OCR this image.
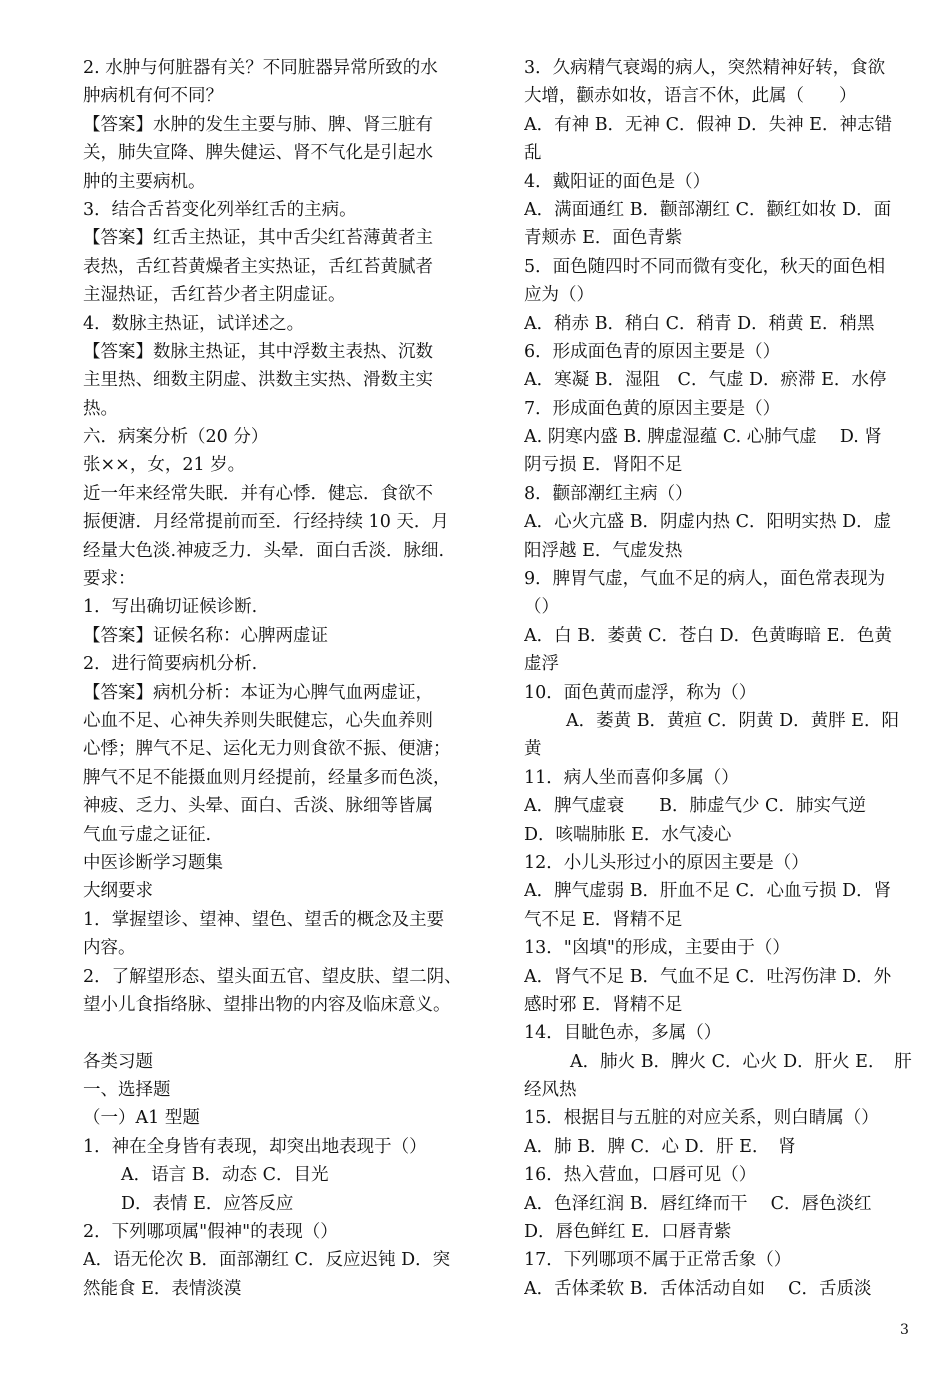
2. 水肿与何脏器有关？不同脏器异常所致的水
肿病机有何不同？
【答案】水肿的发生主要与肺、脾、肾三脏有
关，肺失宣降、脾失健运、肾不气化是引起水
肿的主要病机。
3．结合舌苔变化列举红舌的主病。
【答案】红舌主热证，其中舌尖红苔薄黄者主
表热，舌红苔黄燥者主实热证，舌红苔黄腻者
主湿热证，舌红苔少者主阴虚证。
4．数脉主热证，试详述之。
【答案】数脉主热证，其中浮数主表热、沉数
主里热、细数主阴虚、洪数主实热、滑数主实
热。
六．病案分析（20 分）
张××，女，21 岁。
近一年来经常失眠．并有心悸．健忘．食欲不
振便溏．月经常提前而至．行经持续 10 天．月
经量大色淡.神疲乏力．头晕．面白舌淡．脉细.
要求：
1．写出确切证候诊断.
【答案】证候名称：心脾两虚证
2．进行简要病机分析.
【答案】病机分析：本证为心脾气血两虚证，
心血不足、心神失养则失眠健忘，心失血养则
心悸；脾气不足、运化无力则食欲不振、便溏；
脾气不足不能摄血则月经提前，经量多而色淡，
神疲、乏力、头晕、面白、舌淡、脉细等皆属
气血亏虚之证征.
中医诊断学习题集
大纲要求
1．掌握望诊、望神、望色、望舌的概念及主要
内容。
2．了解望形态、望头面五官、望皮肤、望二阴、
望小儿食指络脉、望排出物的内容及临床意义。
各类习题
一、选择题
（一）A1 型题
1．神在全身皆有表现，却突出地表现于（）
A．语言 B．动态 C．目光
D．表情 E．应答反应
2．下列哪项属"假神"的表现（）
A．语无伦次 B．面部潮红 C．反应迟钝 D．突
然能食 E．表情淡漠
3．久病精气衰竭的病人，突然精神好转，食欲
大增，颧赤如妆，语言不休，此属（　　）
A．有神 B．无神 C．假神 D．失神 E．神志错
乱
4．戴阳证的面色是（）
A．满面通红 B．颧部潮红 C．颧红如妆 D．面
青颊赤 E．面色青紫
5．面色随四时不同而微有变化，秋天的面色相
应为（）
A．稍赤 B．稍白 C．稍青 D．稍黄 E．稍黑
6．形成面色青的原因主要是（）
A．寒凝 B．湿阻　C．气虚 D．瘀滞 E．水停
7．形成面色黄的原因主要是（）
A. 阴寒内盛 B. 脾虚湿蕴 C. 心肺气虚　 D. 肾
阴亏损 E．肾阳不足
8．颧部潮红主病（）
A．心火亢盛 B．阴虚内热 C．阳明实热 D．虚
阳浮越 E．气虚发热
9．脾胃气虚，气血不足的病人，面色常表现为
（）
A．白 B．萎黄 C．苍白 D．色黄晦暗 E．色黄
虚浮
10．面色黄而虚浮，称为（）
A．萎黄 B．黄疸 C．阴黄 D．黄胖 E．阳
黄
11．病人坐而喜仰多属（）
A．脾气虚衰　　B．肺虚气少 C．肺实气逆
D．咳喘肺胀 E．水气凌心
12．小儿头形过小的原因主要是（）
A．脾气虚弱 B．肝血不足 C．心血亏损 D．肾
气不足 E．肾精不足
13．"囟填"的形成，主要由于（）
A．肾气不足 B．气血不足 C．吐泻伤津 D．外
感时邪 E．肾精不足
14．目眦色赤，多属（）
A．肺火 B．脾火 C．心火 D．肝火 E．　肝
经风热
15．根据目与五脏的对应关系，则白睛属（）
A．肺 B．脾 C．心 D．肝 E．　肾
16．热入营血，口唇可见（）
A．色泽红润 B．唇红绛而干　 C．唇色淡红
D．唇色鲜红 E．口唇青紫
17．下列哪项不属于正常舌象（）
A．舌体柔软 B．舌体活动自如　 C．舌质淡
3
